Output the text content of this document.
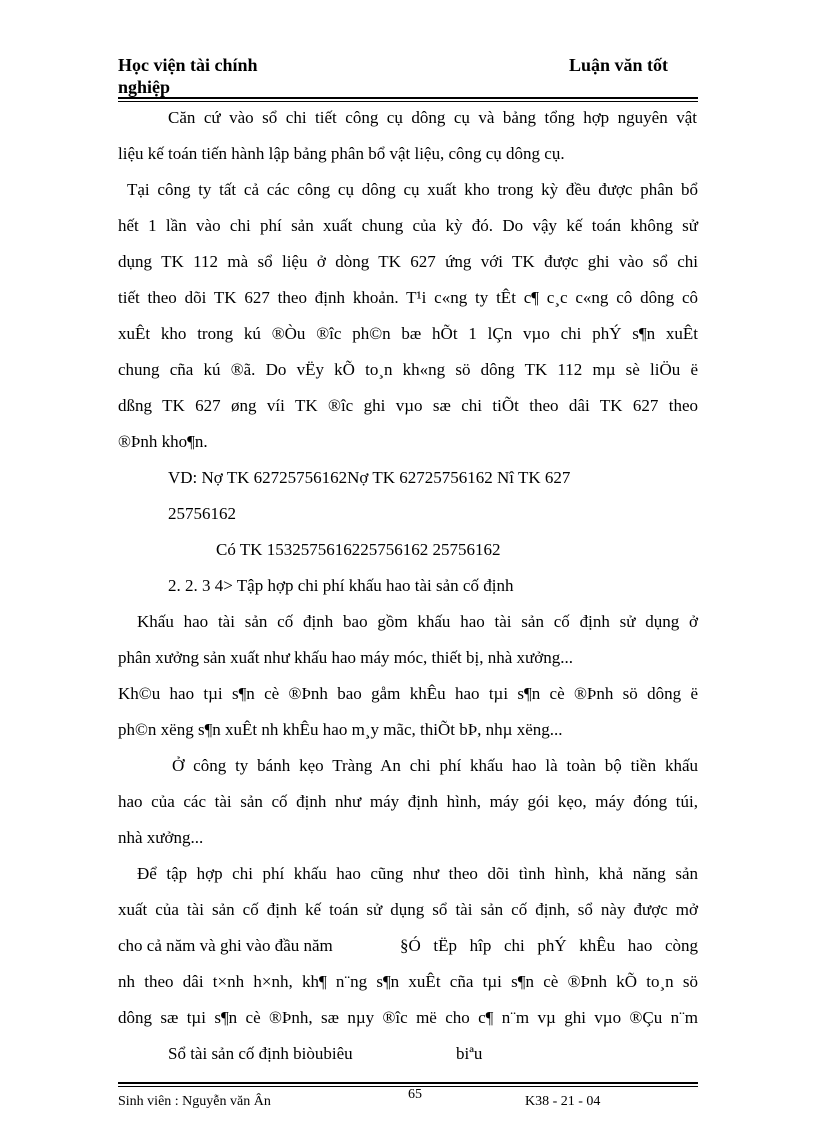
Học viện tài chính
nghiệp
Luận văn tốt
Căn cứ vào sổ chi tiết công cụ dông cụ và bảng tổng hợp nguyên vật
liệu kế toán tiến hành lập bảng phân bổ vật liệu, công cụ dông cụ.
Tại công ty tất cả các công cụ dông cụ xuất kho trong kỳ đều được phân bổ
hết 1 lần vào chi phí sản xuất chung của kỳ đó. Do vậy kế toán không sử
dụng TK 112 mà sổ liệu ở dòng TK 627 ứng với TK được ghi vào sổ chi
tiết theo dõi TK 627 theo định khoản. T¹i c«ng ty tÊt c¶ c¸c c«ng cô dông cô
xuÊt kho trong kú ®Òu ®îc ph©n bæ hÕt 1 lÇn vµo chi phÝ s¶n xuÊt
chung cña kú ®ã. Do vËy kÕ to¸n kh«ng sö dông TK 112 mµ sè liÖu ë
dßng TK 627 øng víi TK ®îc ghi vµo sæ chi tiÕt theo dâi TK 627 theo
®Þnh kho¶n.
VD: Nợ TK 62725756162Nợ TK 62725756162 Nî TK 627
25756162
Có TK 1532575616225756162 25756162
2. 2. 3 4> Tập hợp chi phí khấu hao tài sản cố định
Khấu hao tài sản cố định bao gồm khấu hao tài sản cố định sử dụng ở
phân xưởng sản xuất như khấu hao máy móc, thiết bị, nhà xưởng...
Kh©u hao tµi s¶n cè ®Þnh bao gåm khÊu hao tµi s¶n cè ®Þnh sö dông ë
ph©n xëng s¶n xuÊt nh khÊu hao m¸y mãc, thiÕt bÞ, nhµ xëng...
Ở công ty bánh kẹo Tràng An chi phí khấu hao là toàn bộ tiền khấu
hao của các tài sản cố định như máy định hình, máy gói kẹo, máy đóng túi,
nhà xưởng...
Để tập hợp chi phí khấu hao cũng như theo dõi tình hình, khả năng sản
xuất của tài sản cố định kế toán sử dụng sổ tài sản cố định, sổ này được mở
cho cả năm và ghi vào đầu năm	§Ó tËp hîp chi phÝ khÊu hao còng
nh theo dâi t×nh h×nh, kh¶ n¨ng s¶n xuÊt cña tµi s¶n cè ®Þnh kÕ to¸n sö
dông sæ tµi s¶n cè ®Þnh, sæ nµy ®îc më cho c¶ n¨m vµ ghi vµo ®Çu n¨m
Sổ tài sản cố định biòubiêu	biªu
Sinh viên : Nguyễn văn Ân	65	K38 - 21 - 04
